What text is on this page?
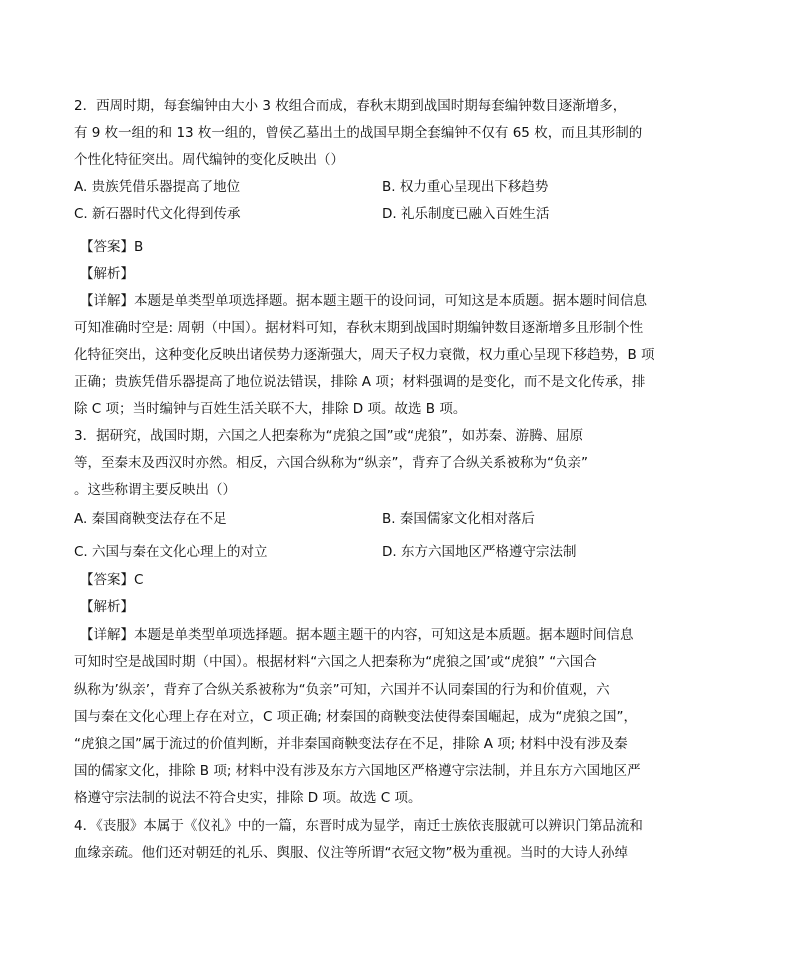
2．西周时期，每套编钟由大小 3 枚组合而成，春秋末期到战国时期每套编钟数目逐渐增多，
有 9 枚一组的和 13 枚一组的，曾侯乙墓出土的战国早期全套编钟不仅有 65 枚，而且其形制的
个性化特征突出。周代编钟的变化反映出（）
A. 贵族凭借乐器提高了地位	B. 权力重心呈现出下移趋势
C. 新石器时代文化得到传承	D. 礼乐制度已融入百姓生活
【答案】B
【解析】
【详解】本题是单类型单项选择题。据本题主题干的设问词，可知这是本质题。据本题时间信息
可知准确时空是: 周朝（中国）。据材料可知，春秋末期到战国时期编钟数目逐渐增多且形制个性
化特征突出，这种变化反映出诸侯势力逐渐强大，周天子权力衰微，权力重心呈现下移趋势，B 项
正确；贵族凭借乐器提高了地位说法错误，排除 A 项；材料强调的是变化，而不是文化传承，排
除 C 项；当时编钟与百姓生活关联不大，排除 D 项。故选 B 项。
3．据研究，战国时期，六国之人把秦称为“虎狼之国”或“虎狼”，如苏秦、游腾、屈原
等，至秦末及西汉时亦然。相反，六国合纵称为“纵亲”，背弃了合纵关系被称为“负亲”
。这些称谓主要反映出（）
A. 秦国商鞅变法存在不足	B. 秦国儒家文化相对落后
C. 六国与秦在文化心理上的对立	D. 东方六国地区严格遵守宗法制
【答案】C
【解析】
【详解】本题是单类型单项选择题。据本题主题干的内容，可知这是本质题。据本题时间信息
可知时空是战国时期（中国）。根据材料“六国之人把秦称为“虎狼之国’或“虎狼” “六国合
纵称为’纵亲’，背弃了合纵关系被称为“负亲”可知，六国并不认同秦国的行为和价值观，六
国与秦在文化心理上存在对立，C 项正确; 材秦国的商鞅变法使得秦国崛起，成为“虎狼之国”，
“虎狼之国”属于流过的价值判断，并非秦国商鞅变法存在不足，排除 A 项; 材料中没有涉及秦
国的儒家文化，排除 B 项; 材料中没有涉及东方六国地区严格遵守宗法制，并且东方六国地区严
格遵守宗法制的说法不符合史实，排除 D 项。故选 C 项。
4．《丧服》本属于《仪礼》中的一篇，东晋时成为显学，南迁士族依丧服就可以辨识门第品流和
血缘亲疏。他们还对朝廷的礼乐、舆服、仪注等所谓“衣冠文物”极为重视。当时的大诗人孙绰
